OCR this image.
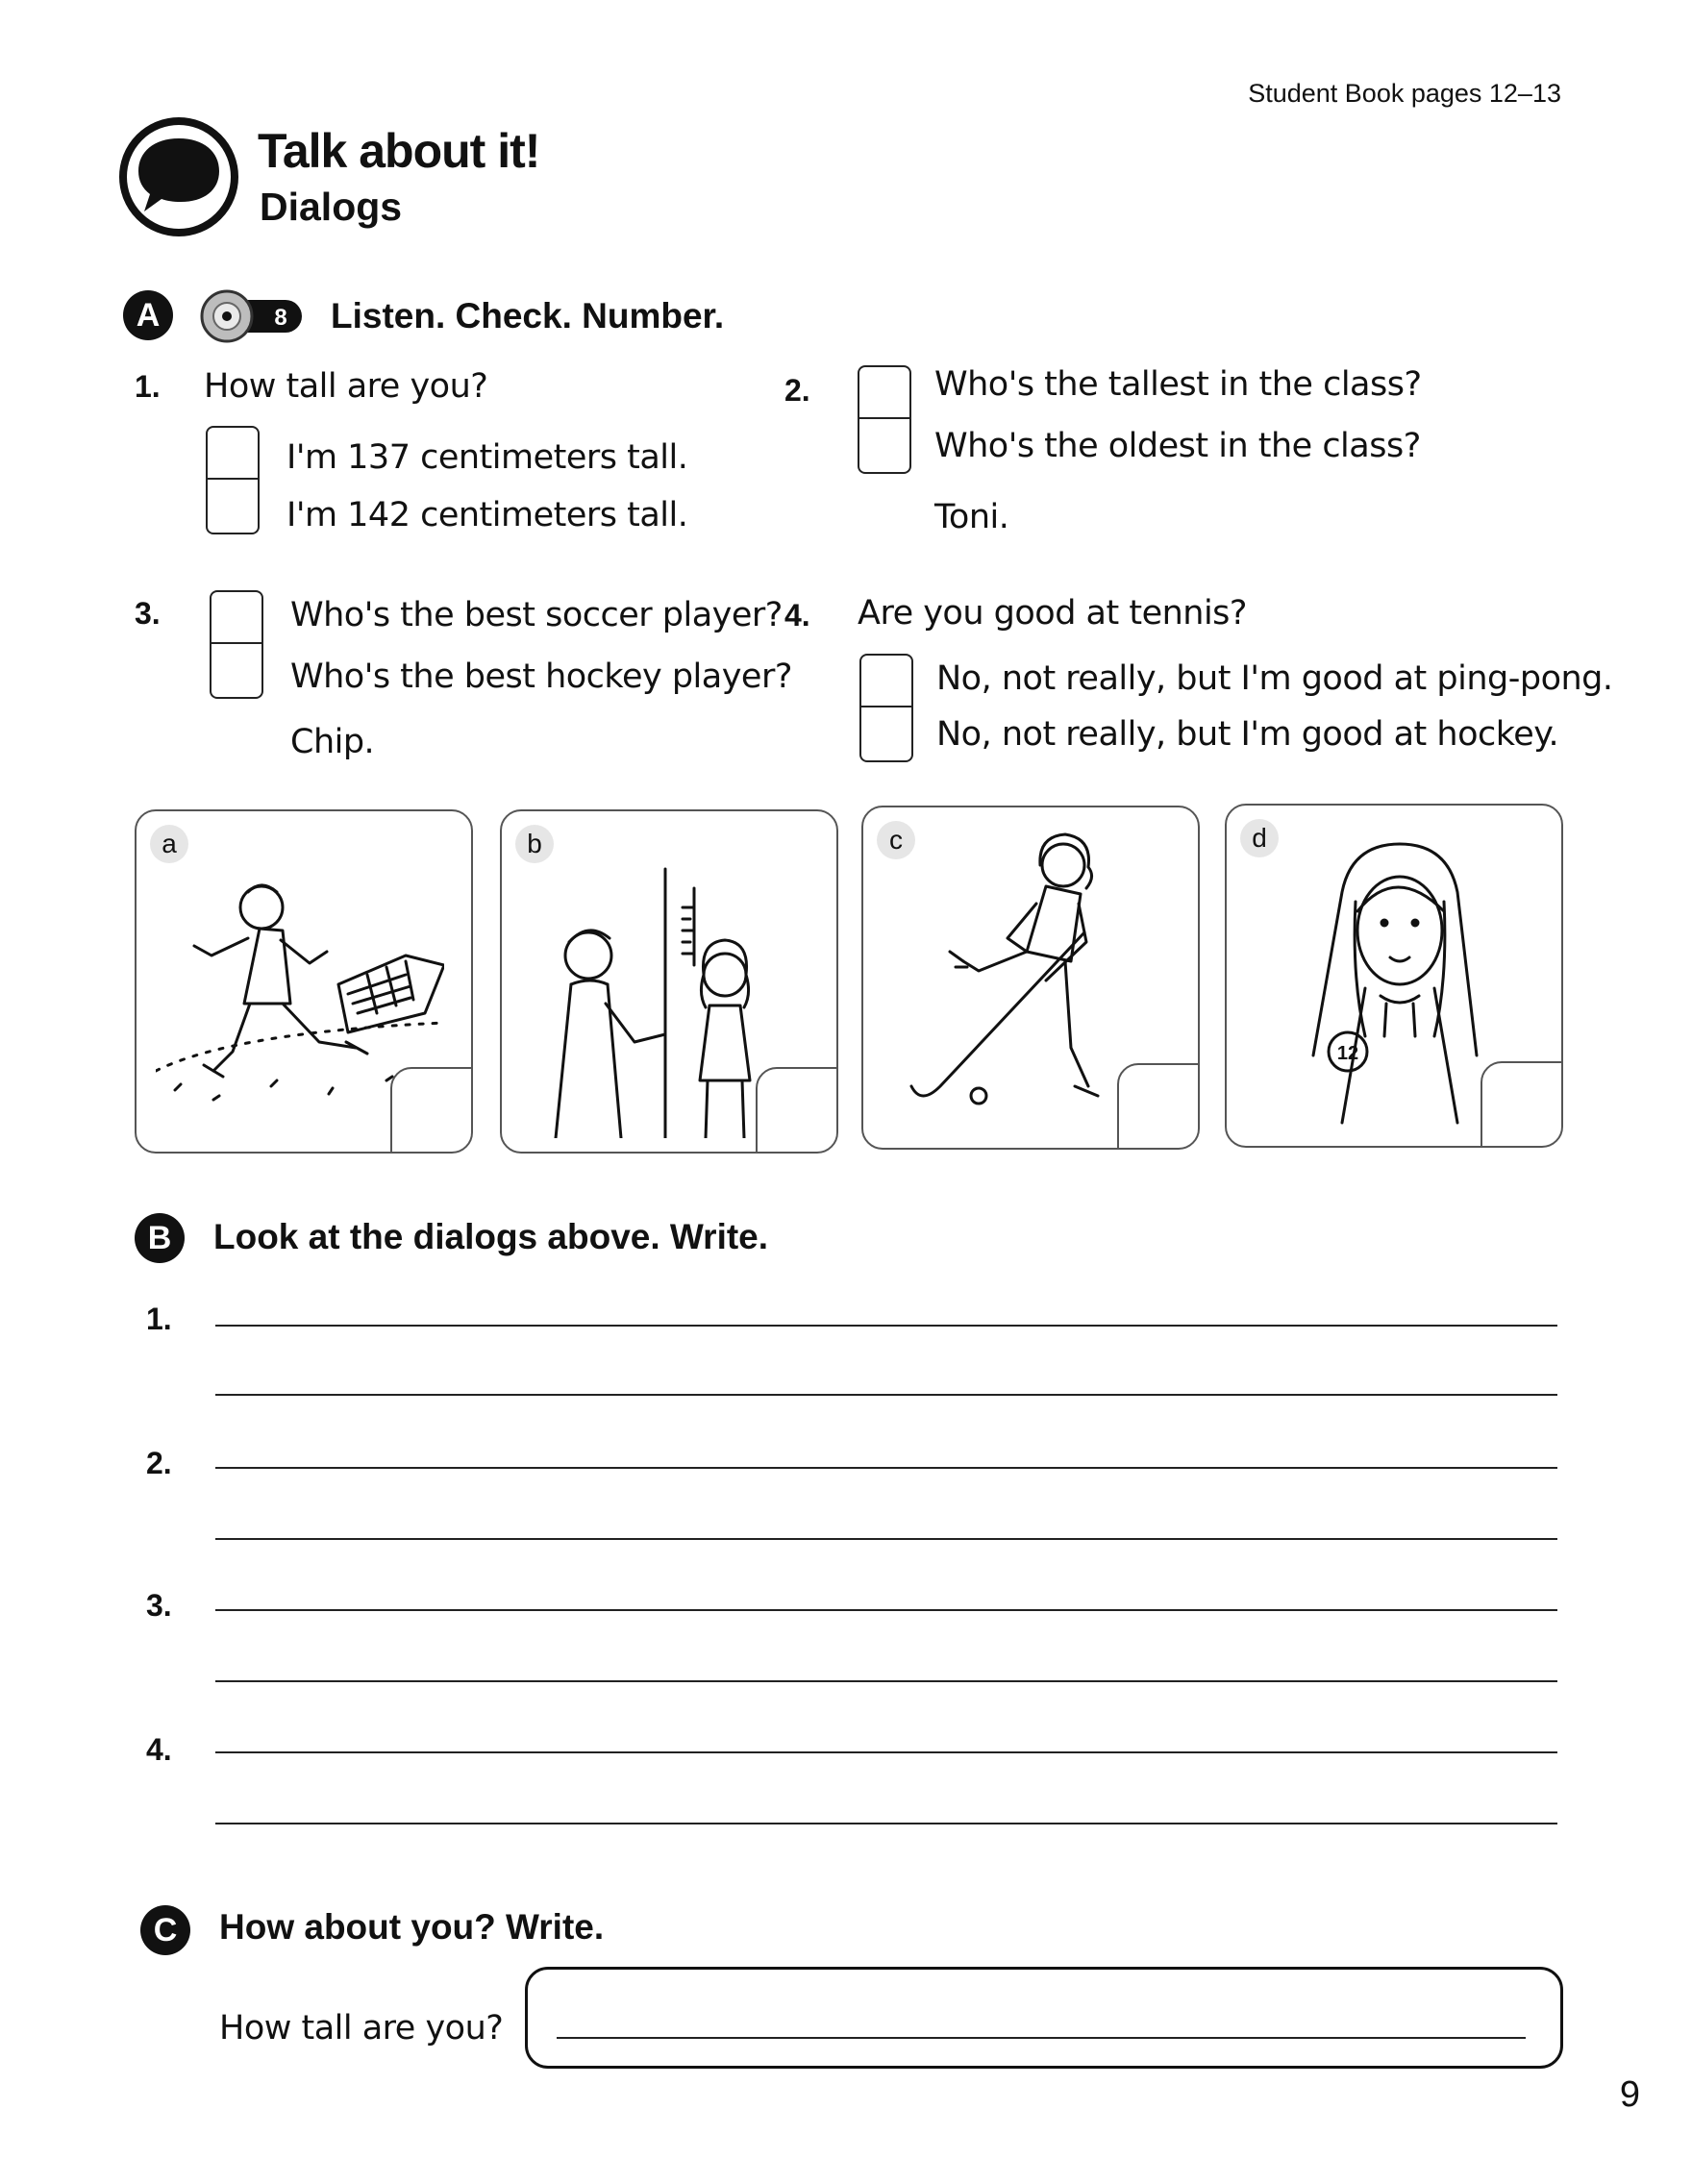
Student Book pages 12–13
Talk about it!
Dialogs
A	8 Listen. Check. Number.
1. How tall are you?
I'm 137 centimeters tall.
I'm 142 centimeters tall.
2.	Who's the tallest in the class?
Who's the oldest in the class?
Toni.
3.	Who's the best soccer player?
Who's the best hockey player?
Chip.
4. Are you good at tennis?
No, not really, but I'm good at ping-pong.
No, not really, but I'm good at hockey.
a	b	c	d
12
B	Look at the dialogs above. Write.
1.
2.
3.
4.
C	How about you? Write.
How tall are you?
9
